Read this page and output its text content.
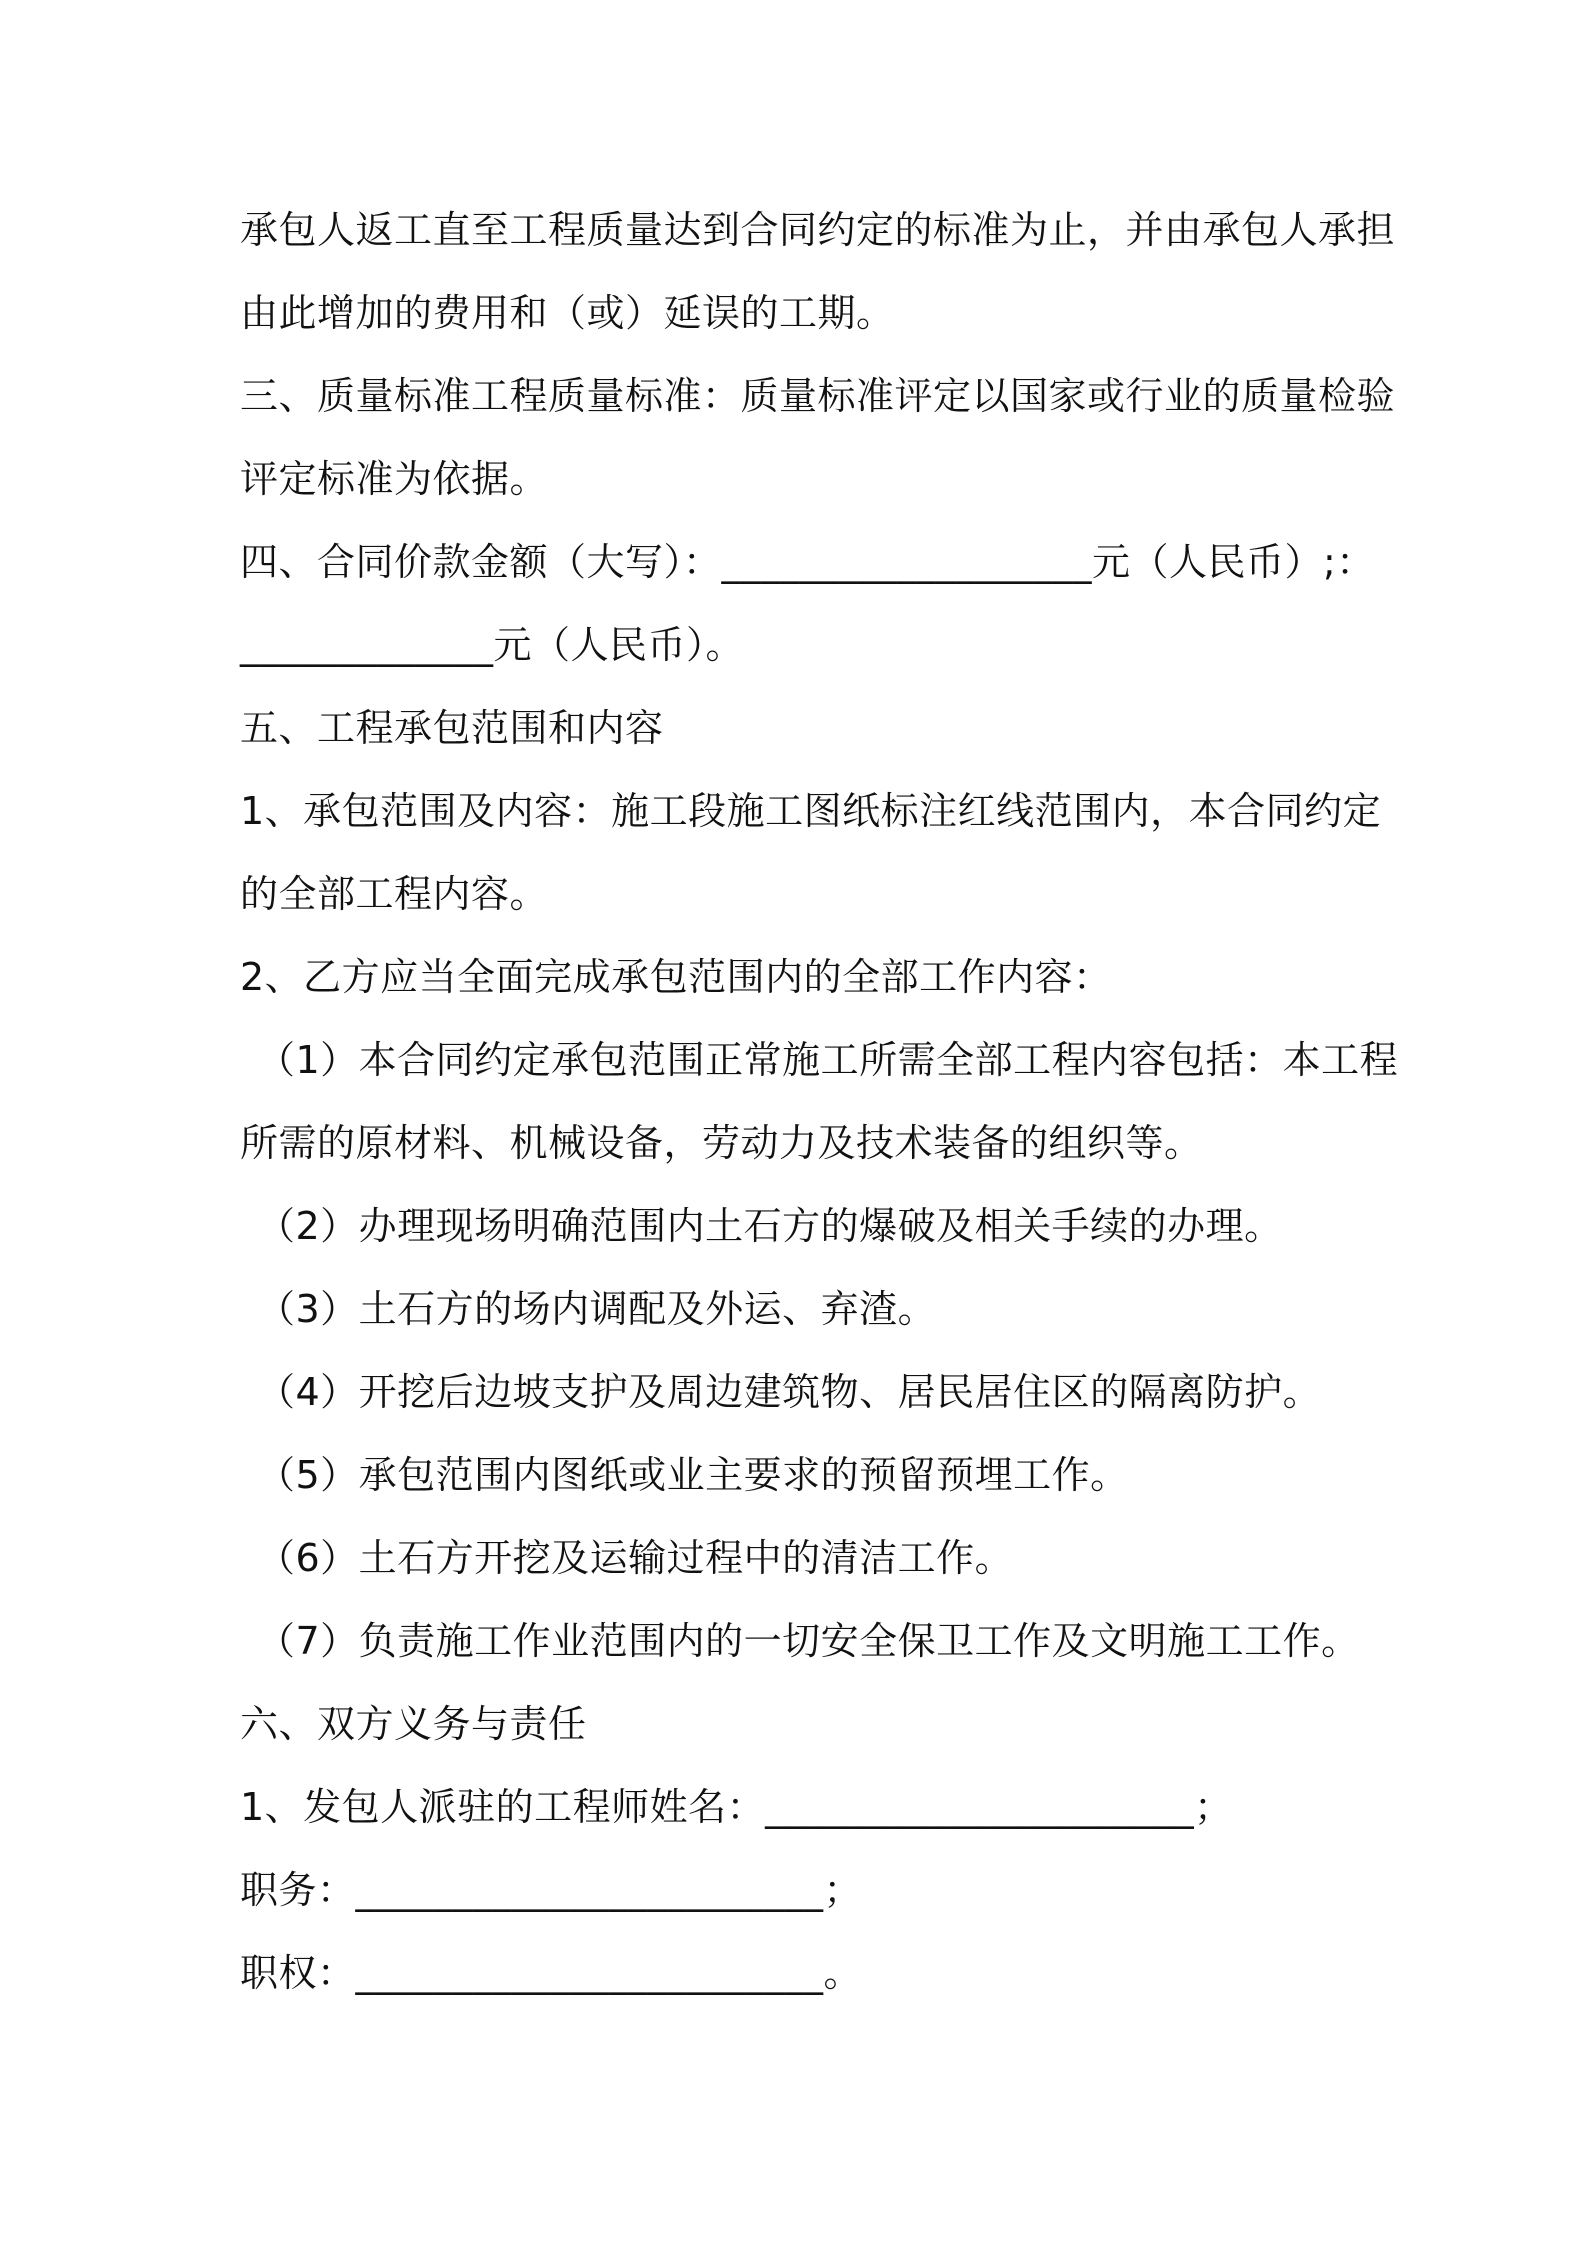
承包人返工直至工程质量达到合同约定的标准为止，并由承包人承担
由此增加的费用和（或）延误的工期。
三、质量标准工程质量标准：质量标准评定以国家或行业的质量检验
评定标准为依据。
四、合同价款金额（大写）：___________________元（人民币）;：
_____________元（人民币）。
五、工程承包范围和内容
1、承包范围及内容：施工段施工图纸标注红线范围内，本合同约定
的全部工程内容。
2、乙方应当全面完成承包范围内的全部工作内容：
（1）本合同约定承包范围正常施工所需全部工程内容包括：本工程
所需的原材料、机械设备，劳动力及技术装备的组织等。
（2）办理现场明确范围内土石方的爆破及相关手续的办理。
（3）土石方的场内调配及外运、弃渣。
（4）开挖后边坡支护及周边建筑物、居民居住区的隔离防护。
（5）承包范围内图纸或业主要求的预留预埋工作。
（6）土石方开挖及运输过程中的清洁工作。
（7）负责施工作业范围内的一切安全保卫工作及文明施工工作。
六、双方义务与责任
1、发包人派驻的工程师姓名：______________________；
职务：________________________；
职权：________________________。
